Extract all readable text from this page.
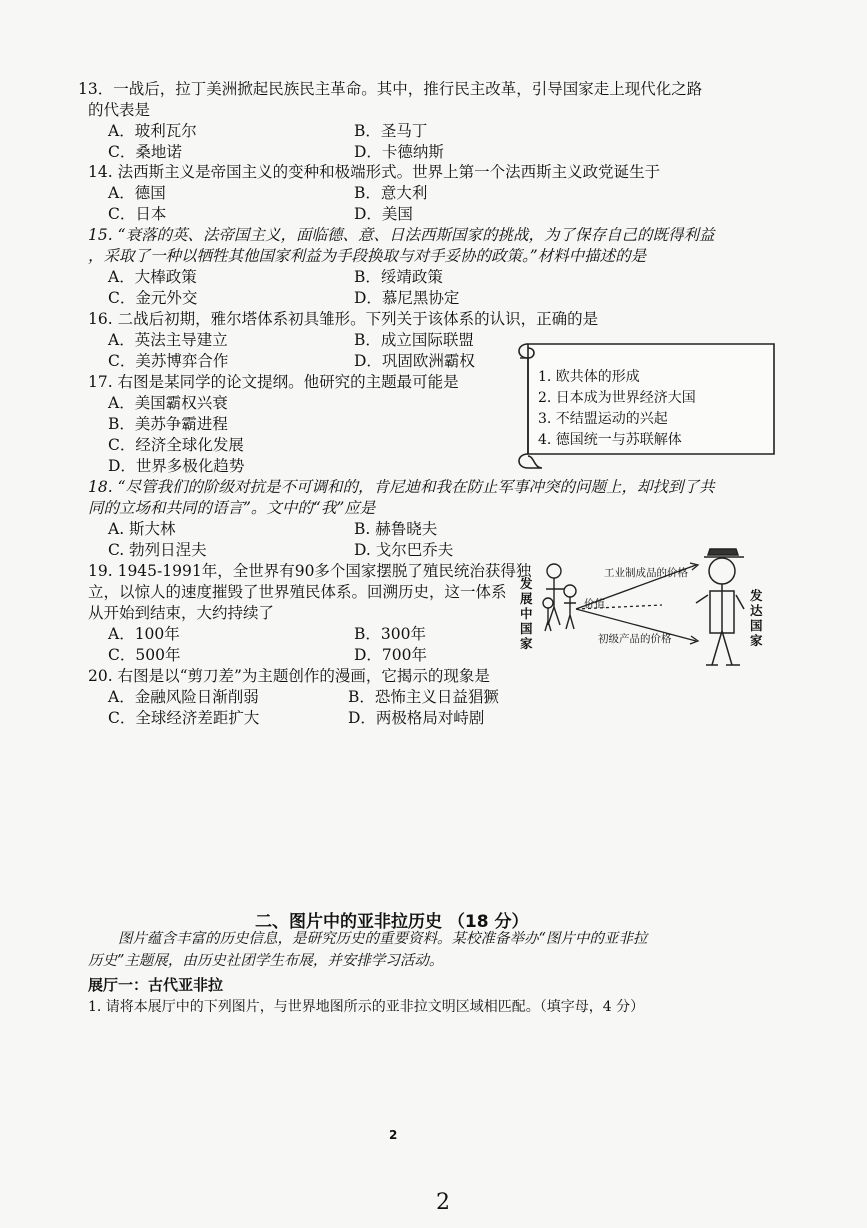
13．一战后，拉丁美洲掀起民族民主革命。其中，推行民主改革，引导国家走上现代化之路
的代表是
A．玻利瓦尔	B．圣马丁
C．桑地诺	D．卡德纳斯
14. 法西斯主义是帝国主义的变种和极端形式。世界上第一个法西斯主义政党诞生于
A．德国	B．意大利
C．日本	D．美国
15. “衰落的英、法帝国主义，面临德、意、日法西斯国家的挑战，为了保存自己的既得利益
，采取了一种以牺牲其他国家利益为手段换取与对手妥协的政策。”材料中描述的是
A．大棒政策	B．绥靖政策
C．金元外交	D．慕尼黑协定
16. 二战后初期，雅尔塔体系初具雏形。下列关于该体系的认识，正确的是
A．英法主导建立	B．成立国际联盟
C．美苏博弈合作	D．巩固欧洲霸权
17. 右图是某同学的论文提纲。他研究的主题最可能是
A．美国霸权兴衰
B．美苏争霸进程
C．经济全球化发展
D．世界多极化趋势
1. 欧共体的形成
2. 日本成为世界经济大国
3. 不结盟运动的兴起
4. 德国统一与苏联解体
18. “尽管我们的阶级对抗是不可调和的，肯尼迪和我在防止军事冲突的问题上，却找到了共
同的立场和共同的语言”。文中的“我”应是
A. 斯大林	B. 赫鲁晓夫
C. 勃列日涅夫	D. 戈尔巴乔夫
19. 1945-1991年，全世界有90多个国家摆脱了殖民统治获得独
立，以惊人的速度摧毁了世界殖民体系。回溯历史，这一体系
从开始到结束，大约持续了
A．100年	B．300年
C．500年	D．700年
发展中国家
发达国家
工业制成品的价格
价值
初级产品的价格
20. 右图是以“剪刀差”为主题创作的漫画，它揭示的现象是
A．金融风险日渐削弱	B．恐怖主义日益猖獗
C．全球经济差距扩大	D．两极格局对峙剧
二、图片中的亚非拉历史 （18 分）
图片蕴含丰富的历史信息，是研究历史的重要资料。某校准备举办“图片中的亚非拉
历史”主题展，由历史社团学生布展，并安排学习活动。
展厅一：古代亚非拉
1. 请将本展厅中的下列图片，与世界地图所示的亚非拉文明区域相匹配。（填字母，4 分）
2
2
